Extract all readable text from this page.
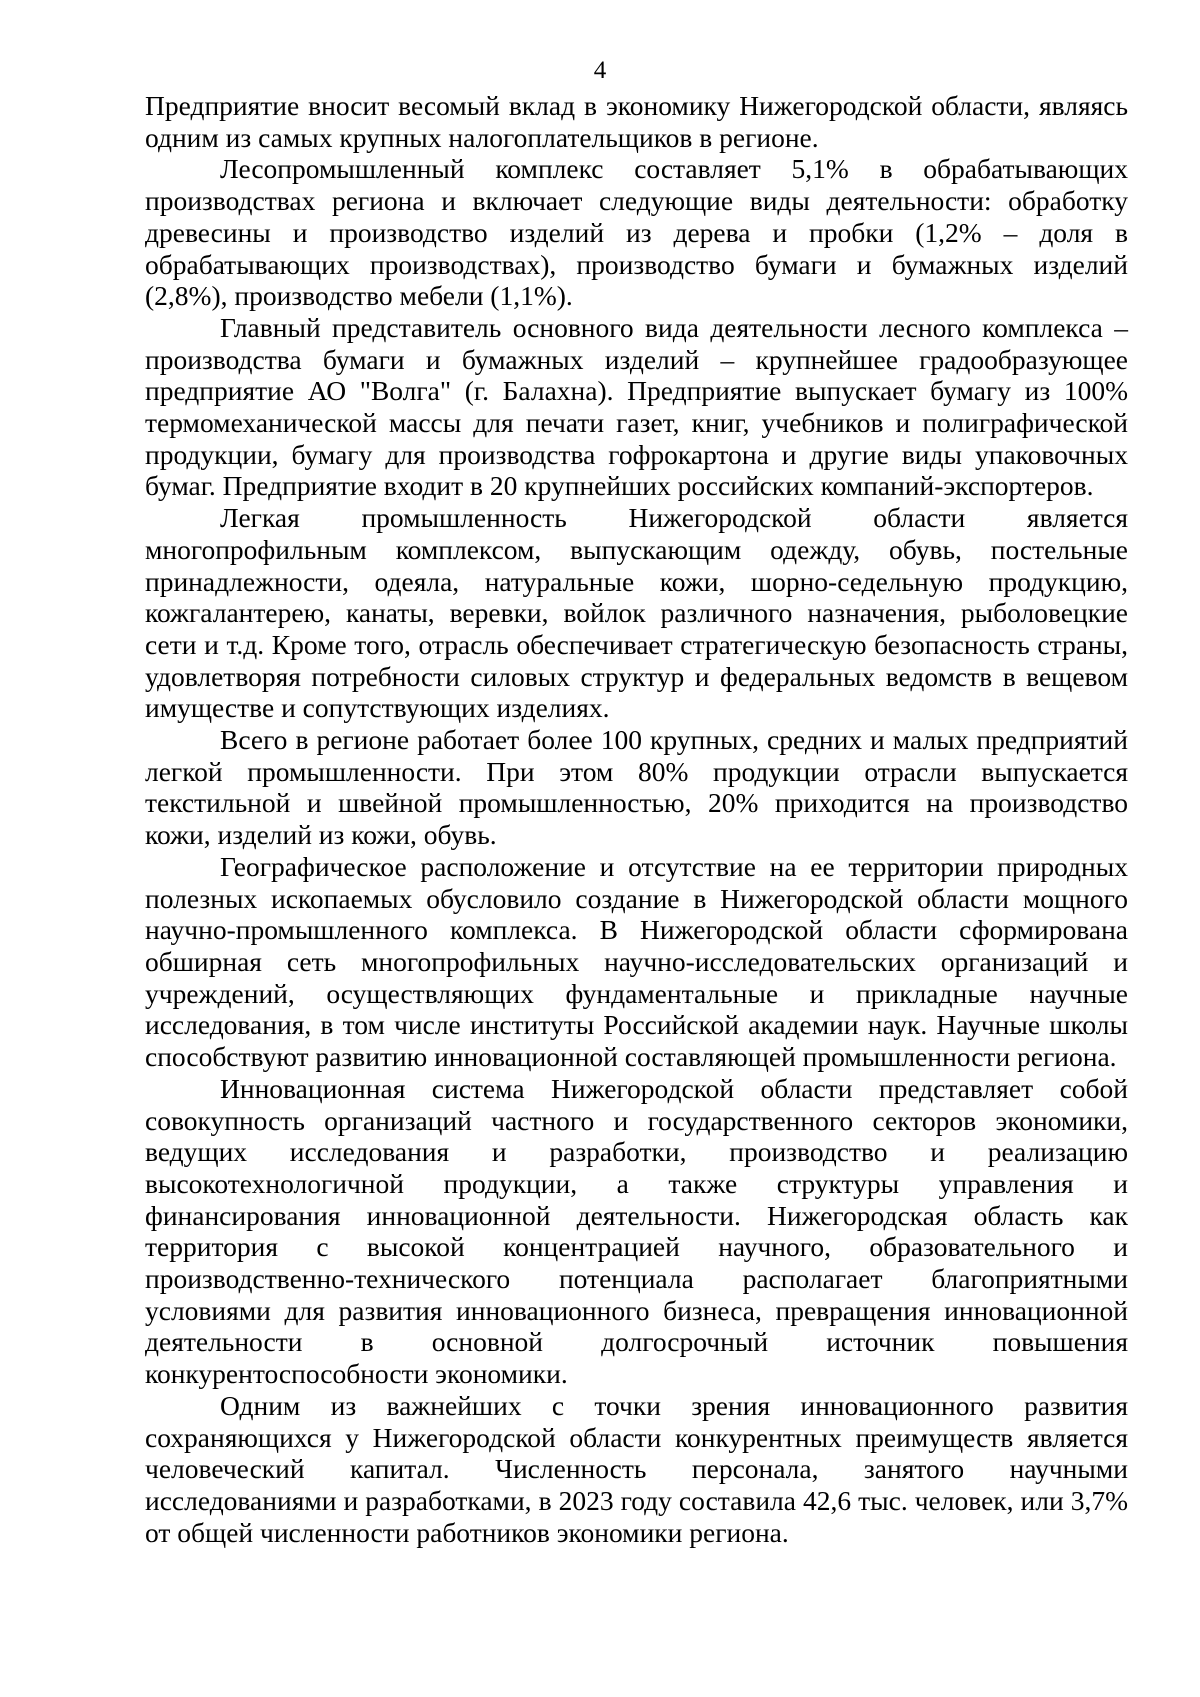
4

Предприятие вносит весомый вклад в экономику Нижегородской области, являясь одним из самых крупных налогоплательщиков в регионе.

Лесопромышленный комплекс составляет 5,1% в обрабатывающих производствах региона и включает следующие виды деятельности: обработку древесины и производство изделий из дерева и пробки (1,2% – доля в обрабатывающих производствах), производство бумаги и бумажных изделий (2,8%), производство мебели (1,1%).

Главный представитель основного вида деятельности лесного комплекса – производства бумаги и бумажных изделий – крупнейшее градообразующее предприятие АО "Волга" (г. Балахна). Предприятие выпускает бумагу из 100% термомеханической массы для печати газет, книг, учебников и полиграфической продукции, бумагу для производства гофрокартона и другие виды упаковочных бумаг. Предприятие входит в 20 крупнейших российских компаний-экспортеров.

Легкая промышленность Нижегородской области является многопрофильным комплексом, выпускающим одежду, обувь, постельные принадлежности, одеяла, натуральные кожи, шорно-седельную продукцию, кожгалантерею, канаты, веревки, войлок различного назначения, рыболовецкие сети и т.д. Кроме того, отрасль обеспечивает стратегическую безопасность страны, удовлетворяя потребности силовых структур и федеральных ведомств в вещевом имуществе и сопутствующих изделиях.

Всего в регионе работает более 100 крупных, средних и малых предприятий легкой промышленности. При этом 80% продукции отрасли выпускается текстильной и швейной промышленностью, 20% приходится на производство кожи, изделий из кожи, обувь.

Географическое расположение и отсутствие на ее территории природных полезных ископаемых обусловило создание в Нижегородской области мощного научно-промышленного комплекса. В Нижегородской области сформирована обширная сеть многопрофильных научно-исследовательских организаций и учреждений, осуществляющих фундаментальные и прикладные научные исследования, в том числе институты Российской академии наук. Научные школы способствуют развитию инновационной составляющей промышленности региона.

Инновационная система Нижегородской области представляет собой совокупность организаций частного и государственного секторов экономики, ведущих исследования и разработки, производство и реализацию высокотехнологичной продукции, а также структуры управления и финансирования инновационной деятельности. Нижегородская область как территория с высокой концентрацией научного, образовательного и производственно-технического потенциала располагает благоприятными условиями для развития инновационного бизнеса, превращения инновационной деятельности в основной долгосрочный источник повышения конкурентоспособности экономики.

Одним из важнейших с точки зрения инновационного развития сохраняющихся у Нижегородской области конкурентных преимуществ является человеческий капитал. Численность персонала, занятого научными исследованиями и разработками, в 2023 году составила 42,6 тыс. человек, или 3,7% от общей численности работников экономики региона.
